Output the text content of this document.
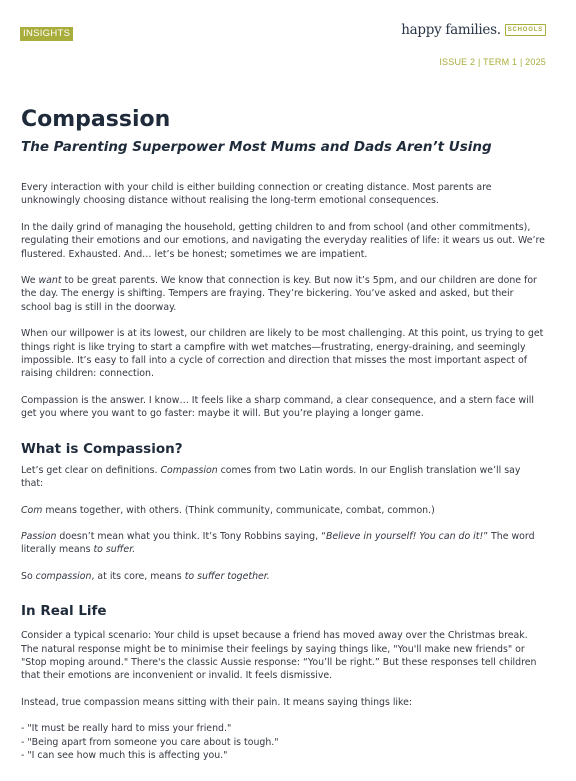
INSIGHTS	happy families.	SCHOOLS
ISSUE 2 | TERM 1 | 2025
Compassion
The Parenting Superpower Most Mums and Dads Aren’t Using

Every interaction with your child is either building connection or creating distance. Most parents are unknowingly choosing distance without realising the long-term emotional consequences.

In the daily grind of managing the household, getting children to and from school (and other commitments), regulating their emotions and our emotions, and navigating the everyday realities of life: it wears us out. We’re flustered. Exhausted. And… let’s be honest; sometimes we are impatient.

We want to be great parents. We know that connection is key. But now it’s 5pm, and our children are done for the day. The energy is shifting. Tempers are fraying. They’re bickering. You’ve asked and asked, but their school bag is still in the doorway.

When our willpower is at its lowest, our children are likely to be most challenging. At this point, us trying to get things right is like trying to start a campfire with wet matches—frustrating, energy-draining, and seemingly impossible. It’s easy to fall into a cycle of correction and direction that misses the most important aspect of raising children: connection.

Compassion is the answer. I know… It feels like a sharp command, a clear consequence, and a stern face will get you where you want to go faster: maybe it will. But you’re playing a longer game.

What is Compassion?

Let’s get clear on definitions. Compassion comes from two Latin words. In our English translation we’ll say that:

Com means together, with others. (Think community, communicate, combat, common.)

Passion doesn’t mean what you think. It’s Tony Robbins saying, “Believe in yourself! You can do it!” The word literally means to suffer.

So compassion, at its core, means to suffer together.

In Real Life

Consider a typical scenario: Your child is upset because a friend has moved away over the Christmas break. The natural response might be to minimise their feelings by saying things like, "You'll make new friends" or "Stop moping around." There's the classic Aussie response: “You’ll be right.” But these responses tell children that their emotions are inconvenient or invalid. It feels dismissive.

Instead, true compassion means sitting with their pain. It means saying things like:

- "It must be really hard to miss your friend."
- "Being apart from someone you care about is tough."
- "I can see how much this is affecting you."
